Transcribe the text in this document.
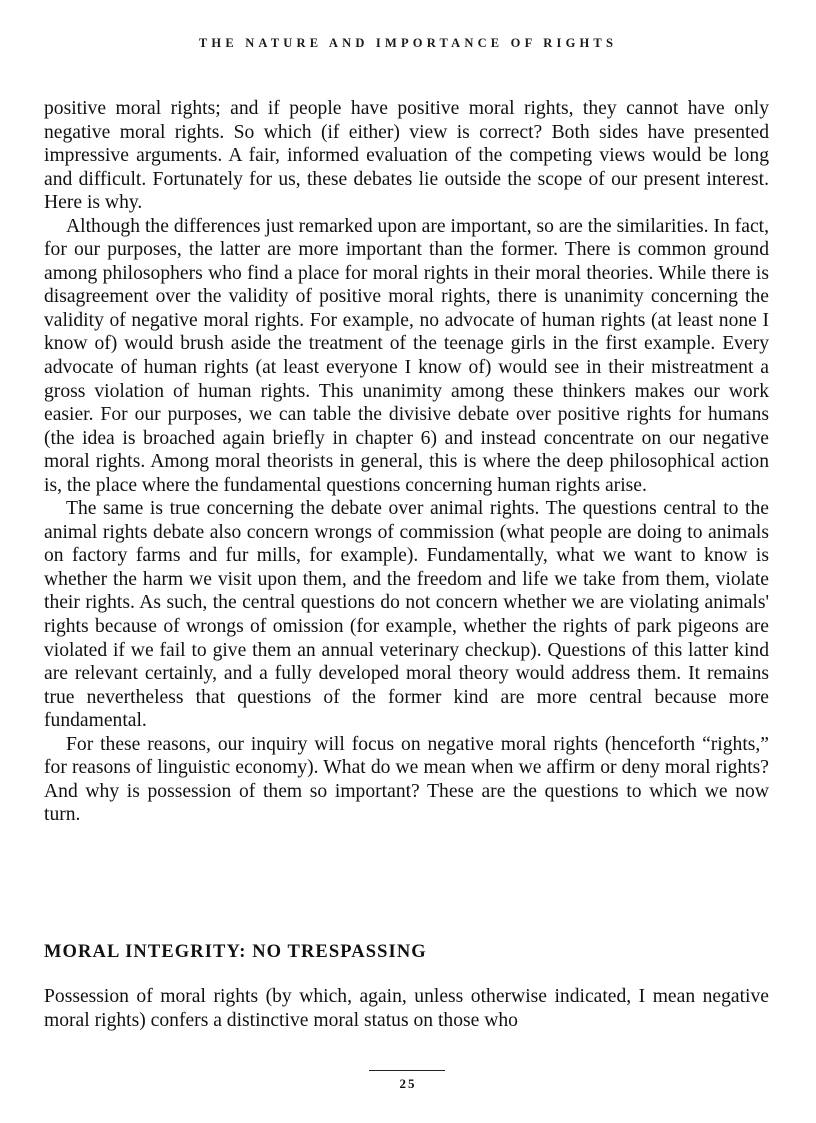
THE NATURE AND IMPORTANCE OF RIGHTS

positive moral rights; and if people have positive moral rights, they cannot have only negative moral rights. So which (if either) view is correct? Both sides have presented impressive arguments. A fair, informed evaluation of the competing views would be long and difficult. Fortunately for us, these debates lie outside the scope of our present interest. Here is why.

Although the differences just remarked upon are important, so are the similarities. In fact, for our purposes, the latter are more important than the former. There is common ground among philosophers who find a place for moral rights in their moral theories. While there is disagreement over the validity of positive moral rights, there is unanimity concerning the validity of negative moral rights. For example, no advocate of human rights (at least none I know of) would brush aside the treatment of the teenage girls in the first example. Every advocate of human rights (at least everyone I know of) would see in their mistreatment a gross violation of human rights. This unanimity among these thinkers makes our work easier. For our purposes, we can table the divisive debate over positive rights for humans (the idea is broached again briefly in chapter 6) and instead concentrate on our negative moral rights. Among moral theorists in general, this is where the deep philosophical action is, the place where the fundamental questions concerning human rights arise.

The same is true concerning the debate over animal rights. The questions central to the animal rights debate also concern wrongs of commission (what people are doing to animals on factory farms and fur mills, for example). Fundamentally, what we want to know is whether the harm we visit upon them, and the freedom and life we take from them, violate their rights. As such, the central questions do not concern whether we are violating animals' rights because of wrongs of omission (for example, whether the rights of park pigeons are violated if we fail to give them an annual veterinary checkup). Questions of this latter kind are relevant certainly, and a fully developed moral theory would address them. It remains true nevertheless that questions of the former kind are more central because more fundamental.

For these reasons, our inquiry will focus on negative moral rights (henceforth “rights,” for reasons of linguistic economy). What do we mean when we affirm or deny moral rights? And why is possession of them so important? These are the questions to which we now turn.

MORAL INTEGRITY: NO TRESPASSING

Possession of moral rights (by which, again, unless otherwise indicated, I mean negative moral rights) confers a distinctive moral status on those who

25
